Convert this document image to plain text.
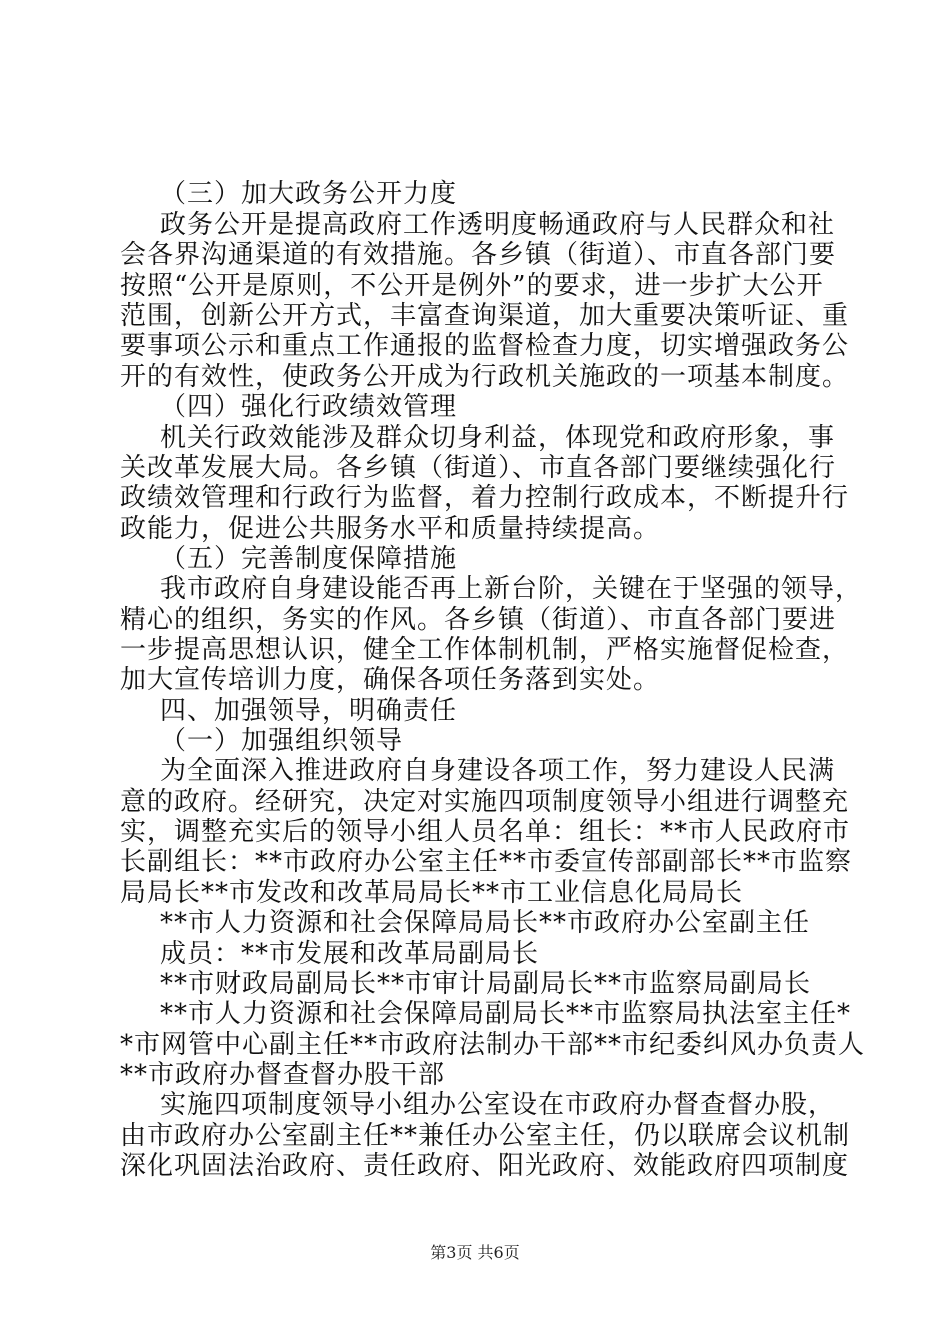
（三）加大政务公开力度
政务公开是提高政府工作透明度畅通政府与人民群众和社
会各界沟通渠道的有效措施。各乡镇（街道）、市直各部门要
按照“公开是原则，不公开是例外”的要求，进一步扩大公开
范围，创新公开方式，丰富查询渠道，加大重要决策听证、重
要事项公示和重点工作通报的监督检查力度，切实增强政务公
开的有效性，使政务公开成为行政机关施政的一项基本制度。
（四）强化行政绩效管理
机关行政效能涉及群众切身利益，体现党和政府形象，事
关改革发展大局。各乡镇（街道）、市直各部门要继续强化行
政绩效管理和行政行为监督，着力控制行政成本，不断提升行
政能力，促进公共服务水平和质量持续提高。
（五）完善制度保障措施
我市政府自身建设能否再上新台阶，关键在于坚强的领导，
精心的组织，务实的作风。各乡镇（街道）、市直各部门要进
一步提高思想认识，健全工作体制机制，严格实施督促检查，
加大宣传培训力度，确保各项任务落到实处。
四、加强领导，明确责任
（一）加强组织领导
为全面深入推进政府自身建设各项工作，努力建设人民满
意的政府。经研究，决定对实施四项制度领导小组进行调整充
实，调整充实后的领导小组人员名单：组长：**市人民政府市
长副组长：**市政府办公室主任**市委宣传部副部长**市监察
局局长**市发改和改革局局长**市工业信息化局局长
**市人力资源和社会保障局局长**市政府办公室副主任
成员：**市发展和改革局副局长
**市财政局副局长**市审计局副局长**市监察局副局长
**市人力资源和社会保障局副局长**市监察局执法室主任*
*市网管中心副主任**市政府法制办干部**市纪委纠风办负责人
**市政府办督查督办股干部
实施四项制度领导小组办公室设在市政府办督查督办股，
由市政府办公室副主任**兼任办公室主任，仍以联席会议机制
深化巩固法治政府、责任政府、阳光政府、效能政府四项制度
第3页 共6页
